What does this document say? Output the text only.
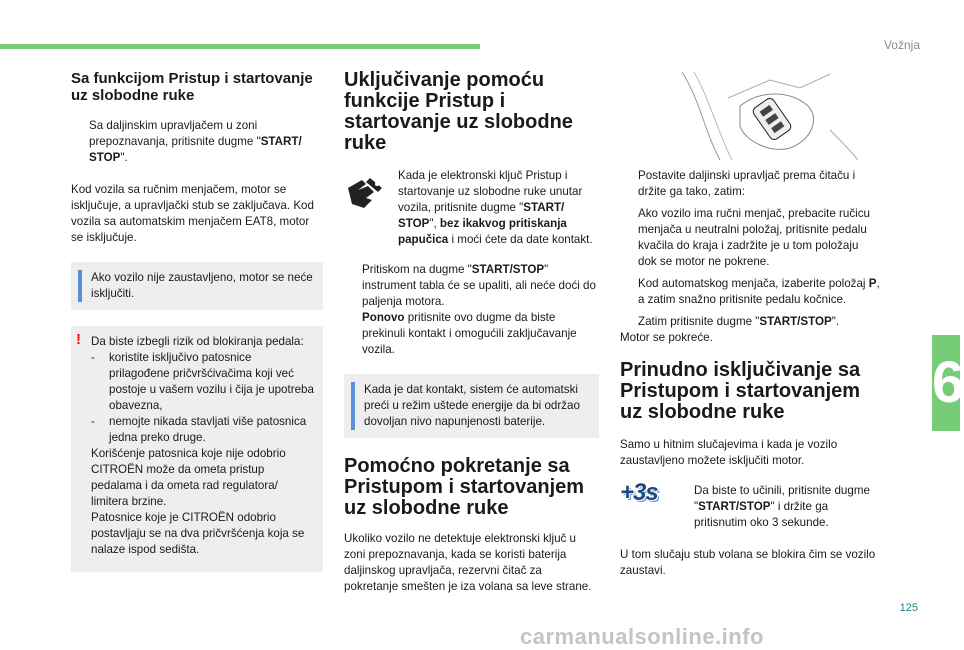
Vožnja
6
Sa funkcijom Pristup i startovanje uz slobodne ruke
Sa daljinskim upravljačem u zoni prepoznavanja, pritisnite dugme "START/ STOP".

Kod vozila sa ručnim menjačem, motor se isključuje, a upravljački stub se zaključava. Kod vozila sa automatskim menjačem EAT8, motor se isključuje.

Ako vozilo nije zaustavljeno, motor se neće isključiti.
! Da biste izbegli rizik od blokiranja pedala:
-	koristite isključivo patosnice prilagođene pričvršćivačima koji već postoje u vašem vozilu i čija je upotreba obavezna,
-	nemojte nikada stavljati više patosnica jedna preko druge.
Korišćenje patosnica koje nije odobrio CITROËN može da ometa pristup pedalama i da ometa rad regulatora/ limitera brzine.
Patosnice koje je CITROËN odobrio postavljaju se na dva pričvršćenja koja se nalaze ispod sedišta.
Uključivanje pomoću funkcije Pristup i startovanje uz slobodne ruke
Kada je elektronski ključ Pristup i startovanje uz slobodne ruke unutar vozila, pritisnite dugme "START/ STOP", bez ikakvog pritiskanja papučica i moći ćete da date kontakt.
Pritiskom na dugme "START/STOP" instrument tabla će se upaliti, ali neće doći do paljenja motora.
Ponovo pritisnite ovo dugme da biste prekinuli kontakt i omogućili zaključavanje vozila.
Kada je dat kontakt, sistem će automatski preći u režim uštede energije da bi održao dovoljan nivo napunjenosti baterije.
Pomoćno pokretanje sa Pristupom i startovanjem uz slobodne ruke

Ukoliko vozilo ne detektuje elektronski ključ u zoni prepoznavanja, kada se koristi baterija daljinskog upravljača, rezervni čitač za pokretanje smešten je iza volana sa leve strane.

Postavite daljinski upravljač prema čitaču i držite ga tako, zatim:
Ako vozilo ima ručni menjač, prebacite ručicu menjača u neutralni položaj, pritisnite pedalu kvačila do kraja i zadržite je u tom položaju dok se motor ne pokrene.
Kod automatskog menjača, izaberite položaj P, a zatim snažno pritisnite pedalu kočnice.
Zatim pritisnite dugme "START/STOP".

Motor se pokreće.

Prinudno isključivanje sa Pristupom i startovanjem uz slobodne ruke

Samo u hitnim slučajevima i kada je vozilo zaustavljeno možete isključiti motor.

+3s	Da biste to učinili, pritisnite dugme "START/STOP" i držite ga pritisnutim oko 3 sekunde.

U tom slučaju stub volana se blokira čim se vozilo zaustavi.

125
carmanualsonline.info
